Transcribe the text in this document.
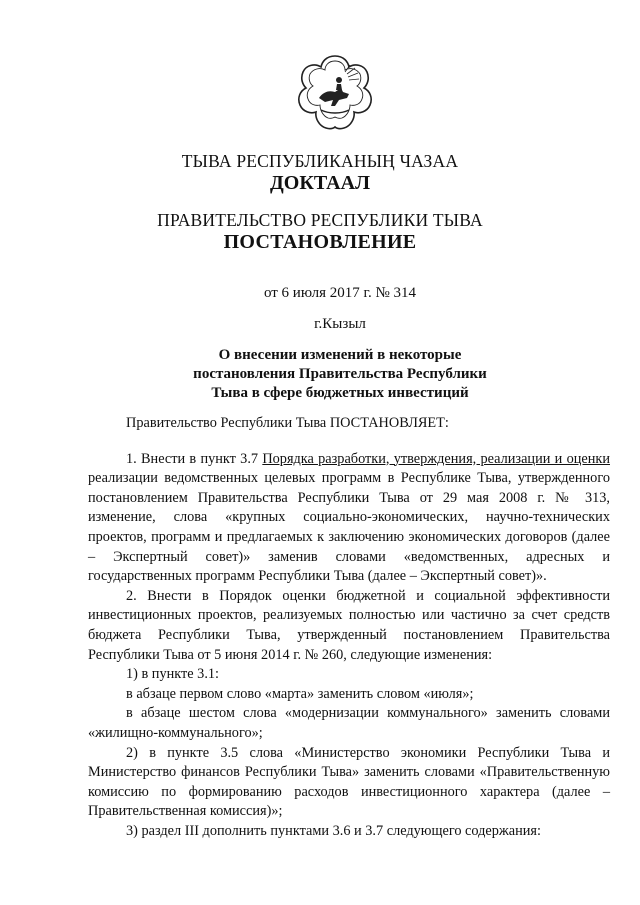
ТЫВА РЕСПУБЛИКАНЫҢ ЧАЗАА
ДОКТААЛ
ПРАВИТЕЛЬСТВО РЕСПУБЛИКИ ТЫВА
ПОСТАНОВЛЕНИЕ
от 6 июля 2017 г. № 314
г.Кызыл
О внесении изменений в некоторые
постановления Правительства Республики
Тыва в сфере бюджетных инвестиций

Правительство Республики Тыва ПОСТАНОВЛЯЕТ:

1. Внести в пункт 3.7 Порядка разработки, утверждения, реализации и оценки реализации ведомственных целевых программ в Республике Тыва, утвержденного постановлением Правительства Республики Тыва от 29 мая 2008 г. № 313, изменение, слова «крупных социально-экономических, научно-технических проектов, программ и предлагаемых к заключению экономических договоров (далее – Экспертный совет)» заменив словами «ведомственных, адресных и государственных программ Республики Тыва (далее – Экспертный совет)».

2. Внести в Порядок оценки бюджетной и социальной эффективности инвестиционных проектов, реализуемых полностью или частично за счет средств бюджета Республики Тыва, утвержденный постановлением Правительства Республики Тыва от 5 июня 2014 г. № 260, следующие изменения:

1) в пункте 3.1:

в абзаце первом слово «марта» заменить словом «июля»;

в абзаце шестом слова «модернизации коммунального» заменить словами «жилищно-коммунального»;

2) в пункте 3.5 слова «Министерство экономики Республики Тыва и Министерство финансов Республики Тыва» заменить словами «Правительственную комиссию по формированию расходов инвестиционного характера (далее – Правительственная комиссия)»;

3) раздел III дополнить пунктами 3.6 и 3.7 следующего содержания:
